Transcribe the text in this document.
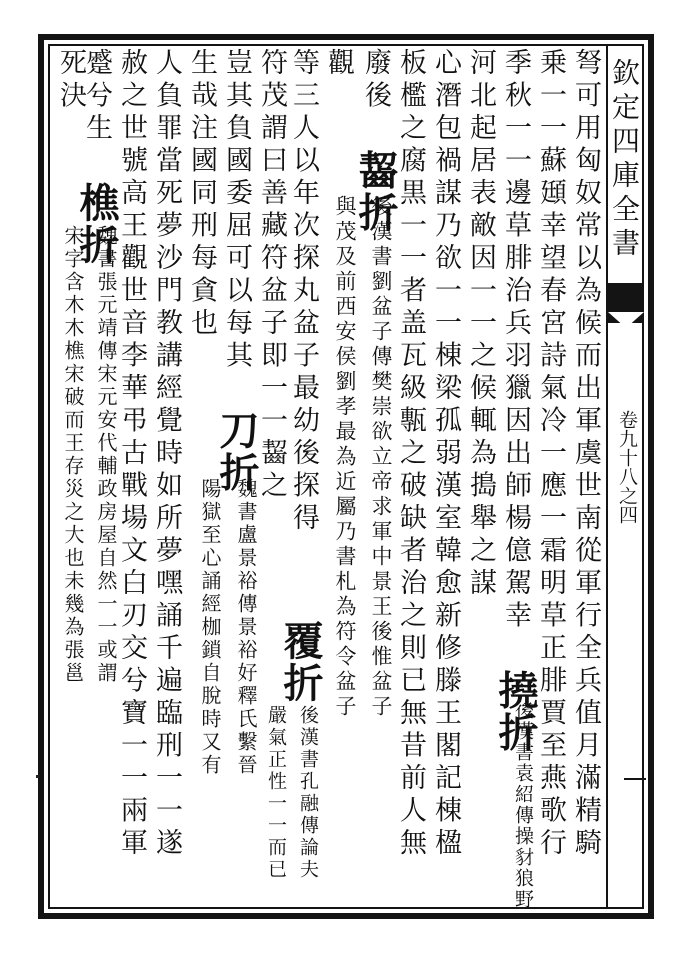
欽定四庫全書
卷九十八之四
弩可用匈奴常以為候而出軍虞世南從軍行全兵值月滿精騎
乗一一蘇頲幸望春宮詩氣冷一應一霜明草正腓賈至燕歌行
季秋一一邊草腓治兵羽獵因出師楊億駕幸 撓折
後漢書袁紹傳操豺狼野
河北起居表敵因一一之候輒為搗舉之謀
心潛包禍謀乃欲一一棟梁孤弱漢室韓愈新修滕王閣記棟楹
板檻之腐黒一一者盖瓦級甎之破缺者治之則已無昔前人無
廢後 齧折
後漢書劉盆子傳樊崇欲立帝求軍中景王後惟盆子
觀
與茂及前西安侯劉孝最為近屬乃書札為符令盆子
等三人以年次探丸盆子最幼後探得
符茂謂曰善藏符盆子即一一齧之
覆折
後漢書孔融傳論夫
嚴氣正性一一而已
豈其負國委屈可以每其 刀折
魏書盧景裕傳景裕好釋氏繫晉
生哉注國同刑每貪也
陽獄至心誦經枷鎖自脫時又有
人負罪當死夢沙門教講經覺時如所夢嘿誦千遍臨刑一一遂
赦之世號高王觀世音李華弔古戰場文白刃交兮寶一一兩軍
蹙兮生 樵折
魏書張元靖傳宋元安代輔政房屋自然一一或謂
死決
宋字含木木樵宋破而王存災之大也未幾為張邕
